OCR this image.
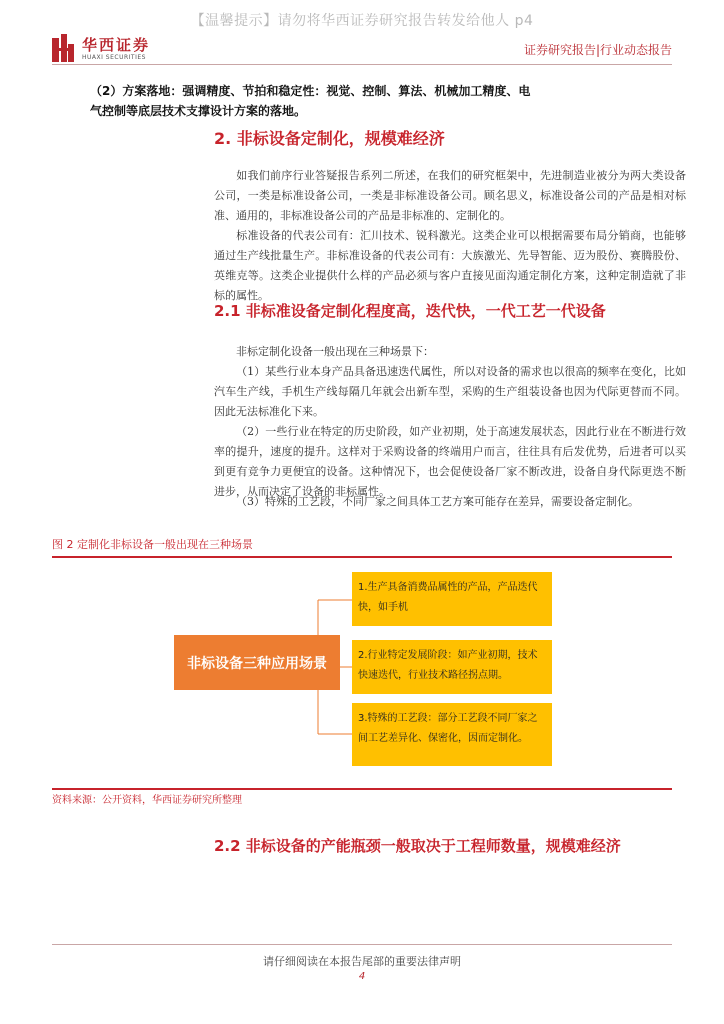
【温馨提示】请勿将华西证券研究报告转发给他人 p4
华西证券
HUAXI SECURITIES
证券研究报告|行业动态报告
（2）方案落地：强调精度、节拍和稳定性：视觉、控制、算法、机械加工精度、电
气控制等底层技术支撑设计方案的落地。
2. 非标设备定制化，规模难经济
如我们前序行业答疑报告系列二所述，在我们的研究框架中，先进制造业被分为两大类设备公司，一类是标准设备公司，一类是非标准设备公司。顾名思义，标准设备公司的产品是相对标准、通用的，非标准设备公司的产品是非标准的、定制化的。
标准设备的代表公司有：汇川技术、锐科激光。这类企业可以根据需要布局分销商，也能够通过生产线批量生产。非标准设备的代表公司有：大族激光、先导智能、迈为股份、赛腾股份、英维克等。这类企业提供什么样的产品必须与客户直接见面沟通定制化方案，这种定制造就了非标的属性。
2.1 非标准设备定制化程度高，迭代快，一代工艺一代设备
非标定制化设备一般出现在三种场景下：
（1）某些行业本身产品具备迅速迭代属性，所以对设备的需求也以很高的频率在变化，比如汽车生产线，手机生产线每隔几年就会出新车型，采购的生产组装设备也因为代际更替而不同。因此无法标准化下来。
（2）一些行业在特定的历史阶段，如产业初期，处于高速发展状态，因此行业在不断进行效率的提升，速度的提升。这样对于采购设备的终端用户而言，往往具有后发优势，后进者可以买到更有竞争力更便宜的设备。这种情况下，也会促使设备厂家不断改进，设备自身代际更迭不断进步，从而决定了设备的非标属性。
（3）特殊的工艺段，不同厂家之间具体工艺方案可能存在差异，需要设备定制化。
图 2 定制化非标设备一般出现在三种场景
非标设备三种应用场景
1.生产具备消费品属性的产品，产品迭代快，如手机
2.行业特定发展阶段：如产业初期，技术快速迭代，行业技术路径拐点期。
3.特殊的工艺段：部分工艺段不同厂家之间工艺差异化、保密化，因而定制化。
资料来源：公开资料，华西证券研究所整理
2.2 非标设备的产能瓶颈一般取决于工程师数量，规模难经济
请仔细阅读在本报告尾部的重要法律声明
4
